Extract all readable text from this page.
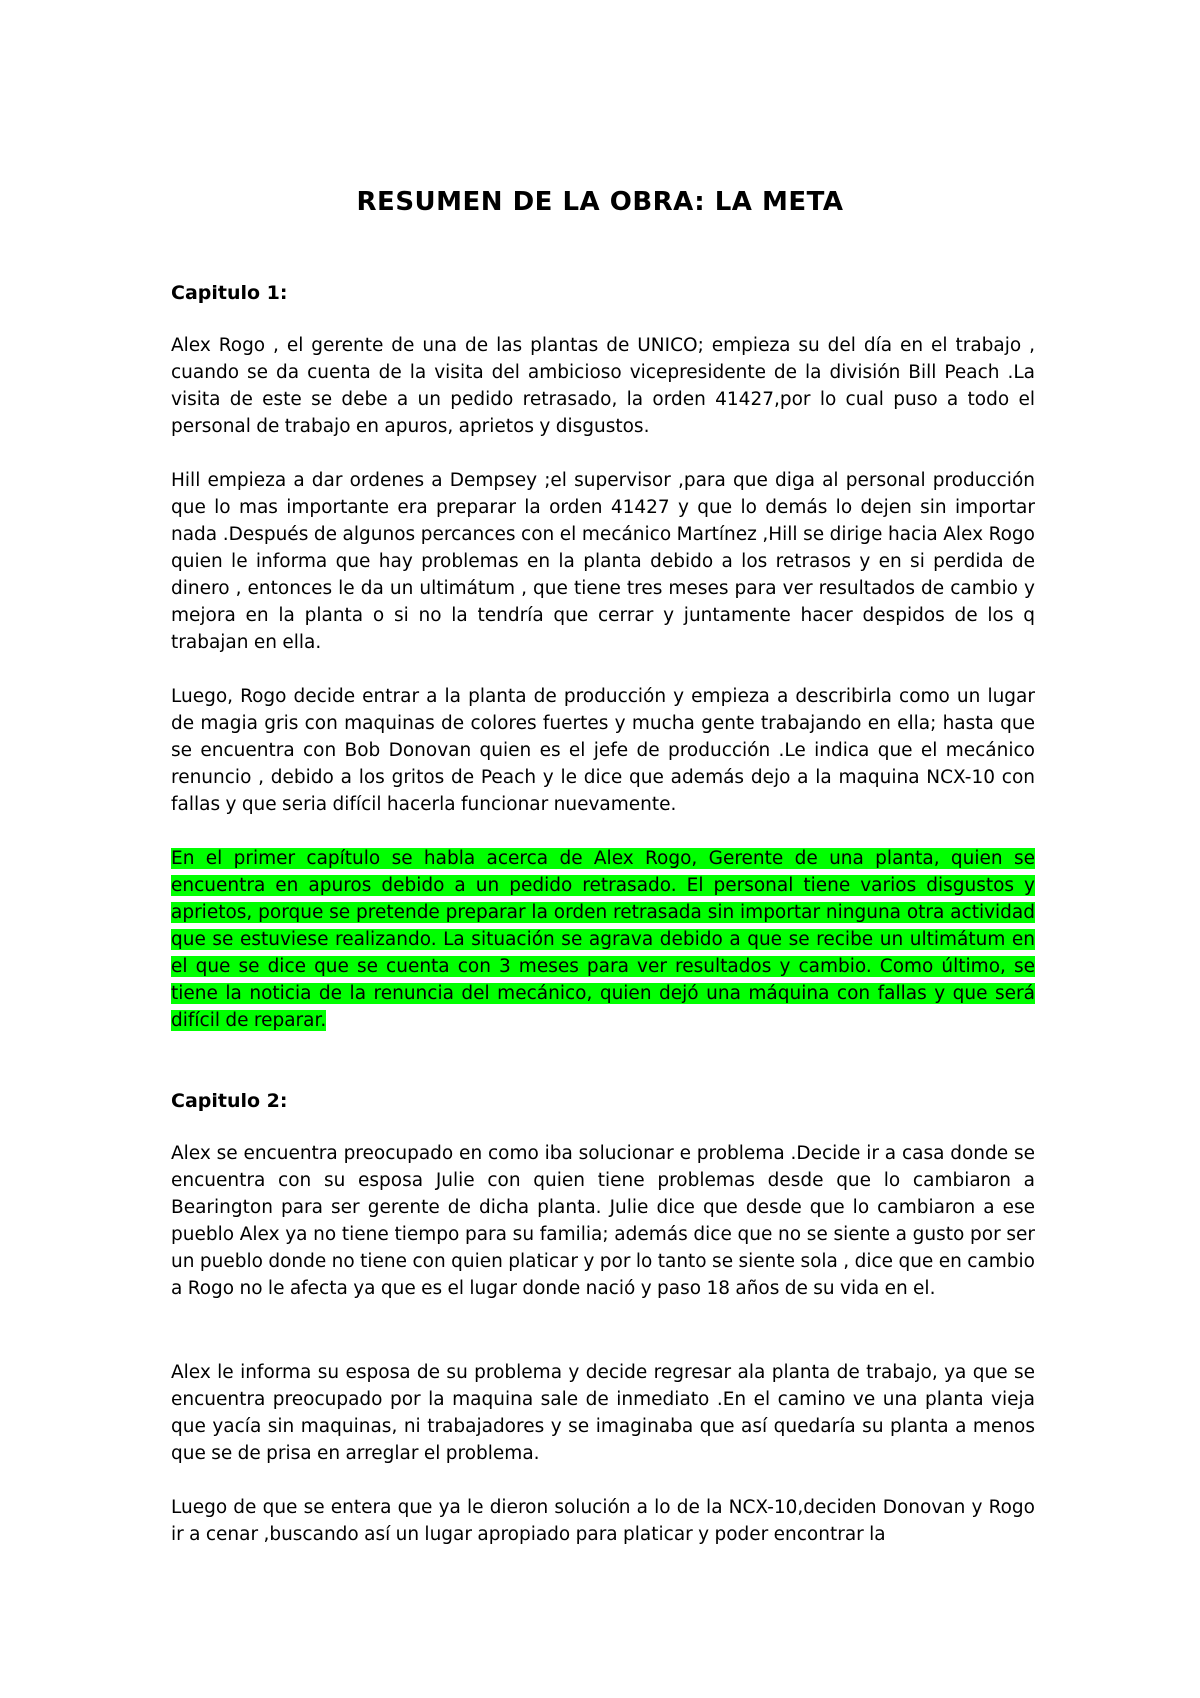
RESUMEN DE LA OBRA: LA META
Capitulo 1:

Alex Rogo , el gerente de una de las plantas de UNICO; empieza su del día en el trabajo , cuando se da cuenta de la visita del ambicioso vicepresidente de la división Bill Peach .La visita de este se debe a un pedido retrasado, la orden 41427,por lo cual puso a todo el personal de trabajo en apuros, aprietos y disgustos.

Hill empieza a dar ordenes a Dempsey ;el supervisor ,para que diga al personal producción que lo mas importante era preparar la orden 41427 y que lo demás lo dejen sin importar nada .Después de algunos percances con el mecánico Martínez ,Hill se dirige hacia Alex Rogo quien le informa que hay problemas en la planta debido a los retrasos y en si perdida de dinero , entonces le da un ultimátum , que tiene tres meses para ver resultados de cambio y mejora en la planta o si no la tendría que cerrar y juntamente hacer despidos de los q trabajan en ella.

Luego, Rogo decide entrar a la planta de producción y empieza a describirla como un lugar de magia gris con maquinas de colores fuertes y mucha gente trabajando en ella; hasta que se encuentra con Bob Donovan quien es el jefe de producción .Le indica que el mecánico renuncio , debido a los gritos de Peach y le dice que además dejo a la maquina NCX-10 con fallas y que seria difícil hacerla funcionar nuevamente.

En el primer capítulo se habla acerca de Alex Rogo, Gerente de una planta, quien se encuentra en apuros debido a un pedido retrasado. El personal tiene varios disgustos y aprietos, porque se pretende preparar la orden retrasada sin importar ninguna otra actividad que se estuviese realizando. La situación se agrava debido a que se recibe un ultimátum en el que se dice que se cuenta con 3 meses para ver resultados y cambio. Como último, se tiene la noticia de la renuncia del mecánico, quien dejó una máquina con fallas y que será difícil de reparar.

Capitulo 2:

Alex se encuentra preocupado en como iba solucionar e problema .Decide ir a casa donde se encuentra con su esposa Julie con quien tiene problemas desde que lo cambiaron a Bearington para ser gerente de dicha planta. Julie dice que desde que lo cambiaron a ese pueblo Alex ya no tiene tiempo para su familia; además dice que no se siente a gusto por ser un pueblo donde no tiene con quien platicar y por lo tanto se siente sola , dice que en cambio a Rogo no le afecta ya que es el lugar donde nació y paso 18 años de su vida en el.

Alex le informa su esposa de su problema y decide regresar ala planta de trabajo, ya que se encuentra preocupado por la maquina sale de inmediato .En el camino ve una planta vieja que yacía sin maquinas, ni trabajadores y se imaginaba que así quedaría su planta a menos que se de prisa en arreglar el problema.

Luego de que se entera que ya le dieron solución a lo de la NCX-10,deciden Donovan y Rogo ir a cenar ,buscando así un lugar apropiado para platicar y poder encontrar la
